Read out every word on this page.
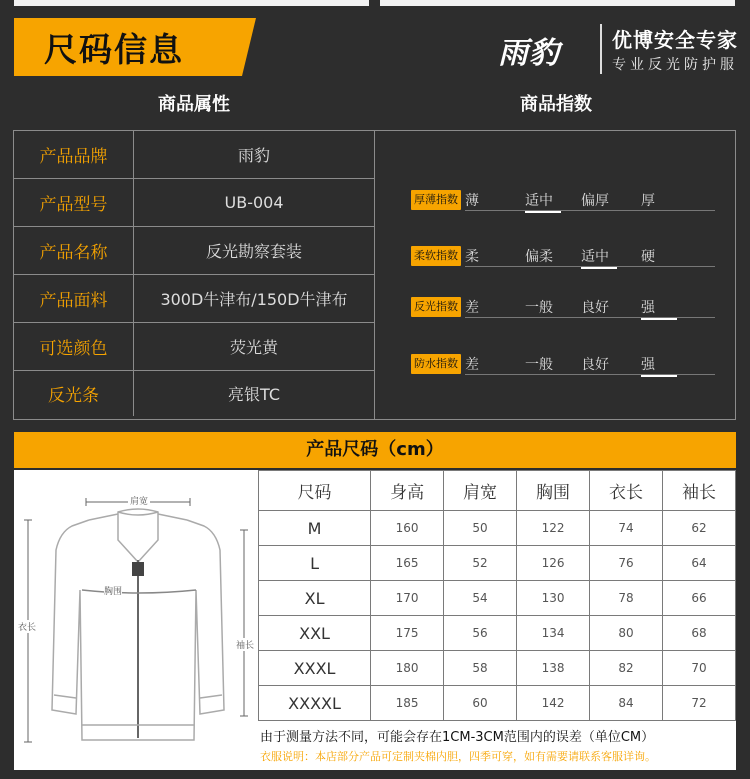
尺码信息	雨豹	优博安全专家
专业反光防护服
商品属性	商品指数
产品品牌	雨豹
产品型号	UB-004
产品名称	反光勘察套装
产品面料	300D牛津布/150D牛津布
可选颜色	荧光黄
反光条	亮银TC
厚薄指数 薄	适中	偏厚	厚
柔软指数 柔	偏柔	适中	硬
反光指数 差	一般	良好	强
防水指数 差	一般	良好	强
产品尺码（cm）
肩宽
胸围
衣长
袖长
尺码	身高	肩宽	胸围	衣长	袖长
M	160	50	122	74	62
L	165	52	126	76	64
XL	170	54	130	78	66
XXL	175	56	134	80	68
XXXL	180	58	138	82	70
XXXXL	185	60	142	84	72
由于测量方法不同，可能会存在1CM-3CM范围内的误差（单位CM）
衣服说明：本店部分产品可定制夹棉内胆，四季可穿，如有需要请联系客服详询。
